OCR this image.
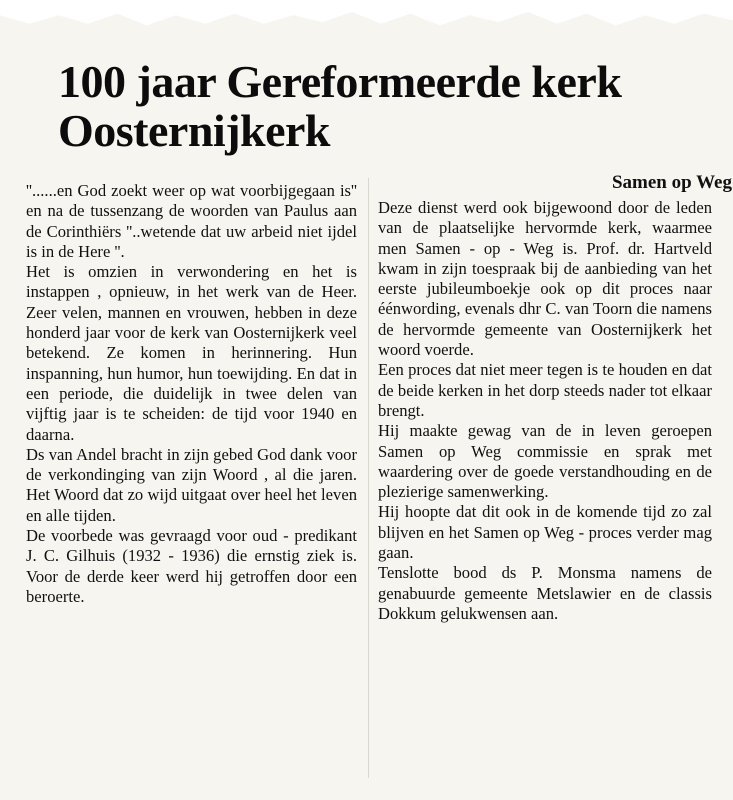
100 jaar Gereformeerde kerk Oosternijkerk
Samen op Weg

''......en God zoekt weer op wat voorbijgegaan is'' en na de tussenzang de woorden van Paulus aan de Corinthiërs ''..wetende dat uw arbeid niet ijdel is in de Here ''.

Het is omzien in verwondering en het is instappen , opnieuw, in het werk van de Heer. Zeer velen, mannen en vrouwen, hebben in deze honderd jaar voor de kerk van Oosternijkerk veel betekend. Ze komen in herinnering. Hun inspanning, hun humor, hun toewijding. En dat in een periode, die duidelijk in twee delen van vijftig jaar is te scheiden: de tijd voor 1940 en daarna.

Ds van Andel bracht in zijn gebed God dank voor de verkondinging van zijn Woord , al die jaren. Het Woord dat zo wijd uitgaat over heel het leven en alle tijden.

De voorbede was gevraagd voor oud - predikant J. C. Gilhuis (1932 - 1936) die ernstig ziek is. Voor de derde keer werd hij getroffen door een beroerte.

Deze dienst werd ook bijgewoond door de leden van de plaatselijke hervormde kerk, waarmee men Samen - op - Weg is. Prof. dr. Hartveld kwam in zijn toespraak bij de aanbieding van het eerste jubileumboekje ook op dit proces naar éénwording, evenals dhr C. van Toorn die namens de hervormde gemeente van Oosternijkerk het woord voerde.

Een proces dat niet meer tegen is te houden en dat de beide kerken in het dorp steeds nader tot elkaar brengt.

Hij maakte gewag van de in leven geroepen Samen op Weg commissie en sprak met waardering over de goede verstandhouding en de plezierige samenwerking.

Hij hoopte dat dit ook in de komende tijd zo zal blijven en het Samen op Weg - proces verder mag gaan.

Tenslotte bood ds P. Monsma namens de genabuurde gemeente Metslawier en de classis Dokkum gelukwensen aan.
